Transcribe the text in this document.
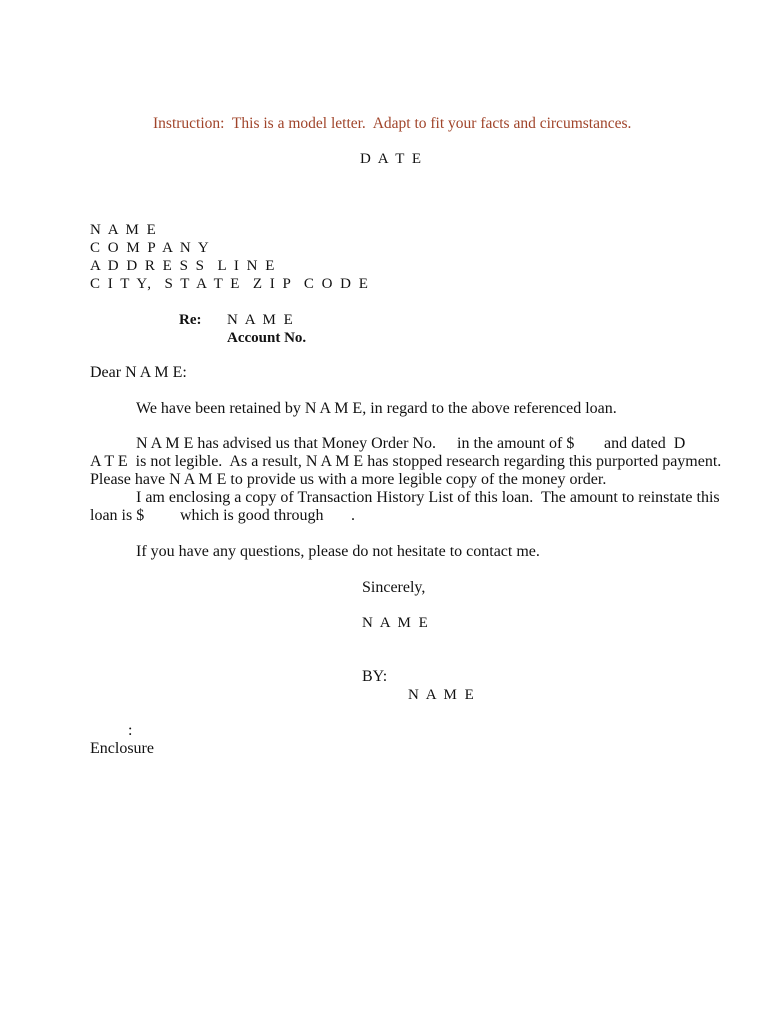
Instruction:  This is a model letter.  Adapt to fit your facts and circumstances.
D A T E
N A M E
C O M P A N Y
A D D R E S S  L I N E
C I T Y,  S T A T E  Z I P  C O D E
Re: N A M E
Account No.
Dear N A M E:
We have been retained by N A M E, in regard to the above referenced loan.
N A M E has advised us that Money Order No. in the amount of $ and dated  D
A T E  is not legible.  As a result, N A M E has stopped research regarding this purported payment.
Please have N A M E to provide us with a more legible copy of the money order.
I am enclosing a copy of Transaction History List of this loan.  The amount to reinstate this
loan is $ which is good through .
If you have any questions, please do not hesitate to contact me.
Sincerely,
N A M E
BY:
N A M E
:
Enclosure
